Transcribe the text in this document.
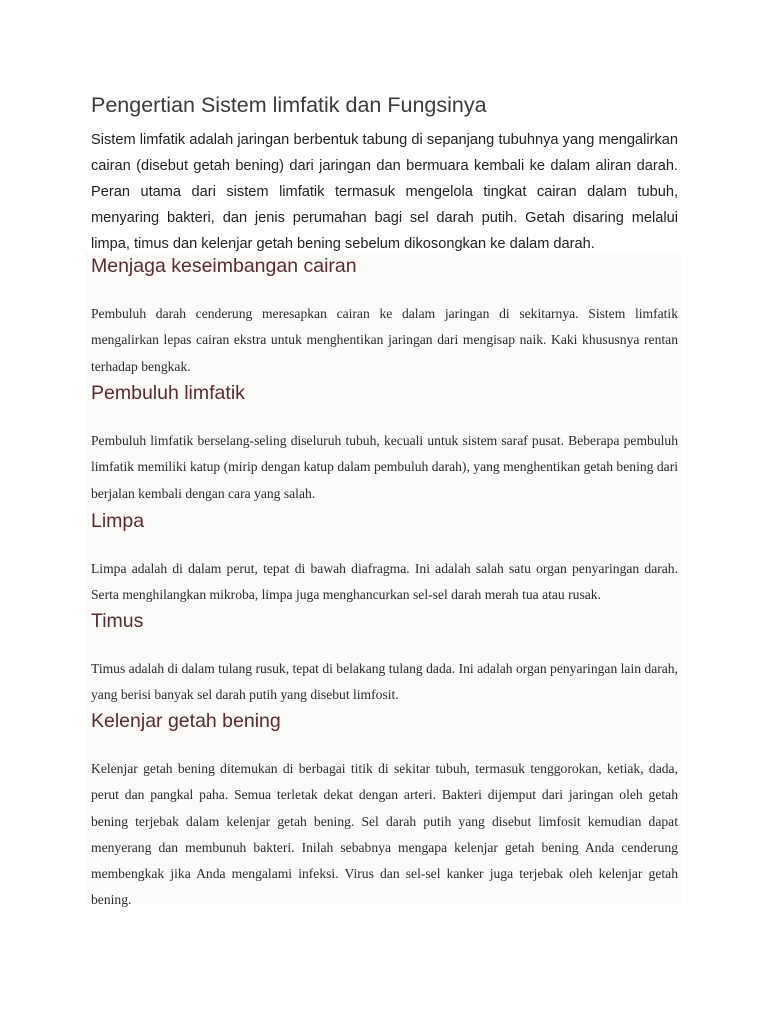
Pengertian Sistem limfatik dan Fungsinya

Sistem limfatik adalah jaringan berbentuk tabung di sepanjang tubuhnya yang mengalirkan cairan (disebut getah bening) dari jaringan dan bermuara kembali ke dalam aliran darah. Peran utama dari sistem limfatik termasuk mengelola tingkat cairan dalam tubuh, menyaring bakteri, dan jenis perumahan bagi sel darah putih. Getah disaring melalui limpa, timus dan kelenjar getah bening sebelum dikosongkan ke dalam darah.

Menjaga keseimbangan cairan

Pembuluh darah cenderung meresapkan cairan ke dalam jaringan di sekitarnya. Sistem limfatik mengalirkan lepas cairan ekstra untuk menghentikan jaringan dari mengisap naik. Kaki khususnya rentan terhadap bengkak.

Pembuluh limfatik

Pembuluh limfatik berselang-seling diseluruh tubuh, kecuali untuk sistem saraf pusat. Beberapa pembuluh limfatik memiliki katup (mirip dengan katup dalam pembuluh darah), yang menghentikan getah bening dari berjalan kembali dengan cara yang salah.

Limpa

Limpa adalah di dalam perut, tepat di bawah diafragma. Ini adalah salah satu organ penyaringan darah. Serta menghilangkan mikroba, limpa juga menghancurkan sel-sel darah merah tua atau rusak.

Timus

Timus adalah di dalam tulang rusuk, tepat di belakang tulang dada. Ini adalah organ penyaringan lain darah, yang berisi banyak sel darah putih yang disebut limfosit.

Kelenjar getah bening

Kelenjar getah bening ditemukan di berbagai titik di sekitar tubuh, termasuk tenggorokan, ketiak, dada, perut dan pangkal paha. Semua terletak dekat dengan arteri. Bakteri dijemput dari jaringan oleh getah bening terjebak dalam kelenjar getah bening. Sel darah putih yang disebut limfosit kemudian dapat menyerang dan membunuh bakteri. Inilah sebabnya mengapa kelenjar getah bening Anda cenderung membengkak jika Anda mengalami infeksi. Virus dan sel-sel kanker juga terjebak oleh kelenjar getah bening.
